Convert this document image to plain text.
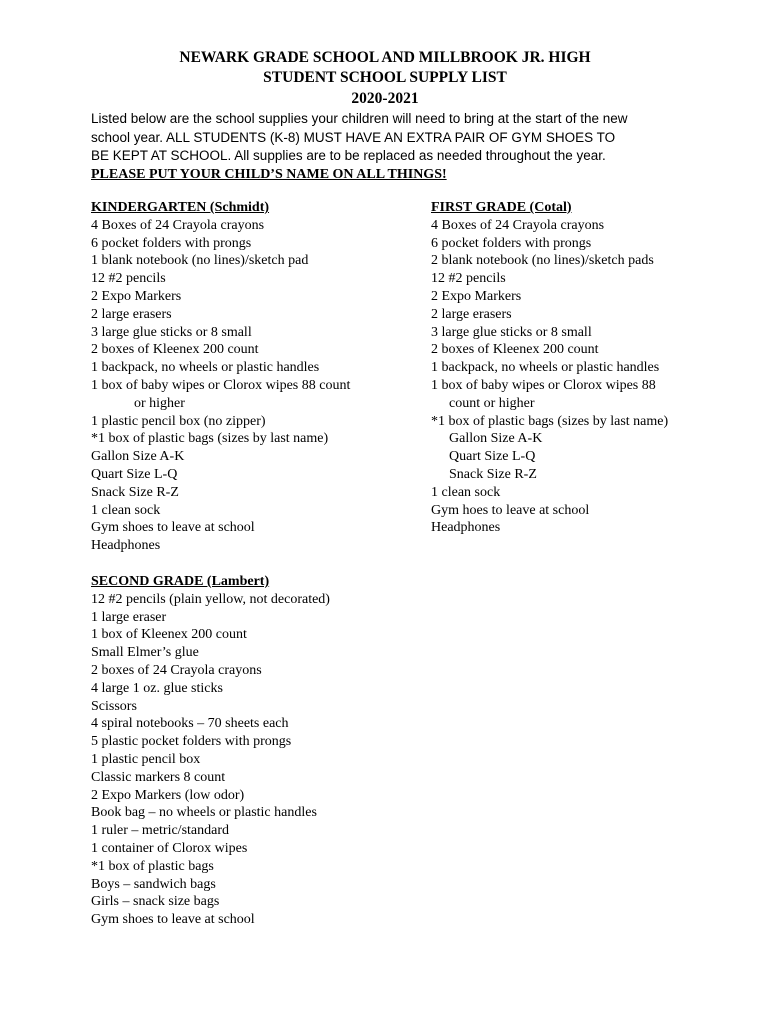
NEWARK GRADE SCHOOL AND MILLBROOK JR. HIGH
STUDENT SCHOOL SUPPLY LIST
2020-2021
Listed below are the school supplies your children will need to bring at the start of the new
school year. ALL STUDENTS (K-8) MUST HAVE AN EXTRA PAIR OF GYM SHOES TO
BE KEPT AT SCHOOL. All supplies are to be replaced as needed throughout the year.
PLEASE PUT YOUR CHILD’S NAME ON ALL THINGS!
KINDERGARTEN (Schmidt)
4 Boxes of 24 Crayola crayons
6 pocket folders with prongs
1 blank notebook (no lines)/sketch pad
12 #2 pencils
2 Expo Markers
2 large erasers
3 large glue sticks or 8 small
2 boxes of Kleenex 200 count
1 backpack, no wheels or plastic handles
1 box of baby wipes or Clorox wipes 88 count
or higher
1 plastic pencil box (no zipper)
*1 box of plastic bags (sizes by last name)
Gallon Size A-K
Quart Size L-Q
Snack Size R-Z
1 clean sock
Gym shoes to leave at school
Headphones
FIRST GRADE (Cotal)
4 Boxes of 24 Crayola crayons
6 pocket folders with prongs
2 blank notebook (no lines)/sketch pads
12 #2 pencils
2 Expo Markers
2 large erasers
3 large glue sticks or 8 small
2 boxes of Kleenex 200 count
1 backpack, no wheels or plastic handles
1 box of baby wipes or Clorox wipes 88
count or higher
*1 box of plastic bags (sizes by last name)
Gallon Size A-K
Quart Size L-Q
Snack Size R-Z
1 clean sock
Gym hoes to leave at school
Headphones
SECOND GRADE (Lambert)
12 #2 pencils (plain yellow, not decorated)
1 large eraser
1 box of Kleenex 200 count
Small Elmer’s glue
2 boxes of 24 Crayola crayons
4 large 1 oz. glue sticks
Scissors
4 spiral notebooks – 70 sheets each
5 plastic pocket folders with prongs
1 plastic pencil box
Classic markers 8 count
2 Expo Markers (low odor)
Book bag – no wheels or plastic handles
1 ruler – metric/standard
1 container of Clorox wipes
*1 box of plastic bags
Boys – sandwich bags
Girls – snack size bags
Gym shoes to leave at school
